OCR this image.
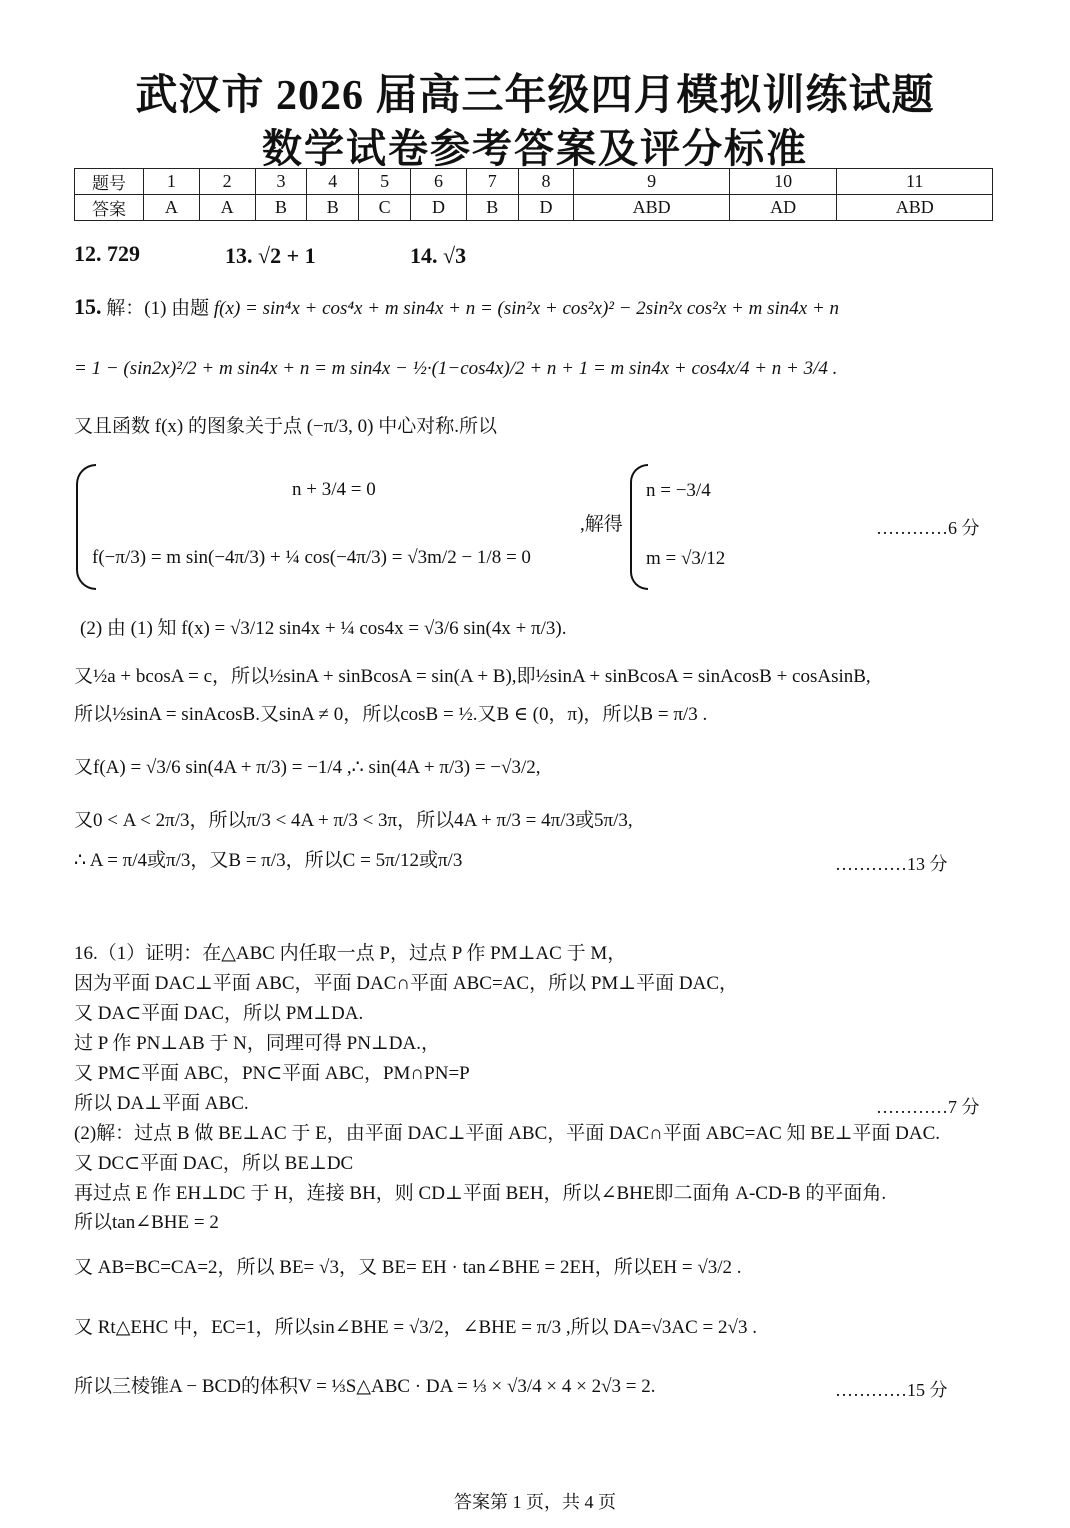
武汉市 2026 届高三年级四月模拟训练试题
数学试卷参考答案及评分标准
题号	1	2	3	4	5	6	7	8	9	10	11
答案	A	A	B	B	C	D	B	D	ABD	AD	ABD
12. 729	13. √2 + 1	14. √3
15. 解：(1) 由题 f(x) = sin⁴x + cos⁴x + m sin4x + n = (sin²x + cos²x)² − 2sin²x cos²x + m sin4x + n
= 1 − (sin2x)²/2 + m sin4x + n = m sin4x − ½·(1−cos4x)/2 + n + 1 = m sin4x + cos4x/4 + n + 3/4 .
又且函数 f(x) 的图象关于点 (−π/3, 0) 中心对称.所以
n + 3/4 = 0
f(−π/3) = m sin(−4π/3) + ¼ cos(−4π/3) = √3m/2 − 1/8 = 0
,解得
n = −3/4
m = √3/12
…………6 分
(2) 由 (1) 知 f(x) = √3/12 sin4x + ¼ cos4x = √3/6 sin(4x + π/3).
又½a + bcosA = c，所以½sinA + sinBcosA = sin(A + B),即½sinA + sinBcosA = sinAcosB + cosAsinB,
所以½sinA = sinAcosB.又sinA ≠ 0，所以cosB = ½.又B ∈ (0，π)，所以B = π/3 .
又f(A) = √3/6 sin(4A + π/3) = −1/4 ,∴ sin(4A + π/3) = −√3/2,
又0 < A < 2π/3，所以π/3 < 4A + π/3 < 3π，所以4A + π/3 = 4π/3或5π/3,
∴ A = π/4或π/3，又B = π/3，所以C = 5π/12或π/3	…………13 分
16.（1）证明：在△ABC 内任取一点 P，过点 P 作 PM⊥AC 于 M，
因为平面 DAC⊥平面 ABC，平面 DAC∩平面 ABC=AC，所以 PM⊥平面 DAC，
又 DA⊂平面 DAC，所以 PM⊥DA.
过 P 作 PN⊥AB 于 N，同理可得 PN⊥DA.，
又 PM⊂平面 ABC，PN⊂平面 ABC，PM∩PN=P
所以 DA⊥平面 ABC.	…………7 分
(2)解：过点 B 做 BE⊥AC 于 E，由平面 DAC⊥平面 ABC，平面 DAC∩平面 ABC=AC 知 BE⊥平面 DAC.
又 DC⊂平面 DAC，所以 BE⊥DC
再过点 E 作 EH⊥DC 于 H，连接 BH，则 CD⊥平面 BEH，所以∠BHE即二面角 A-CD-B 的平面角.
所以tan∠BHE = 2
又 AB=BC=CA=2，所以 BE= √3，又 BE= EH · tan∠BHE = 2EH，所以EH = √3/2 .
又 Rt△EHC 中，EC=1，所以sin∠BHE = √3/2，∠BHE = π/3 ,所以 DA=√3AC = 2√3 .
所以三棱锥A − BCD的体积V = ⅓S△ABC · DA = ⅓ × √3/4 × 4 × 2√3 = 2.	…………15 分
答案第 1 页，共 4 页
